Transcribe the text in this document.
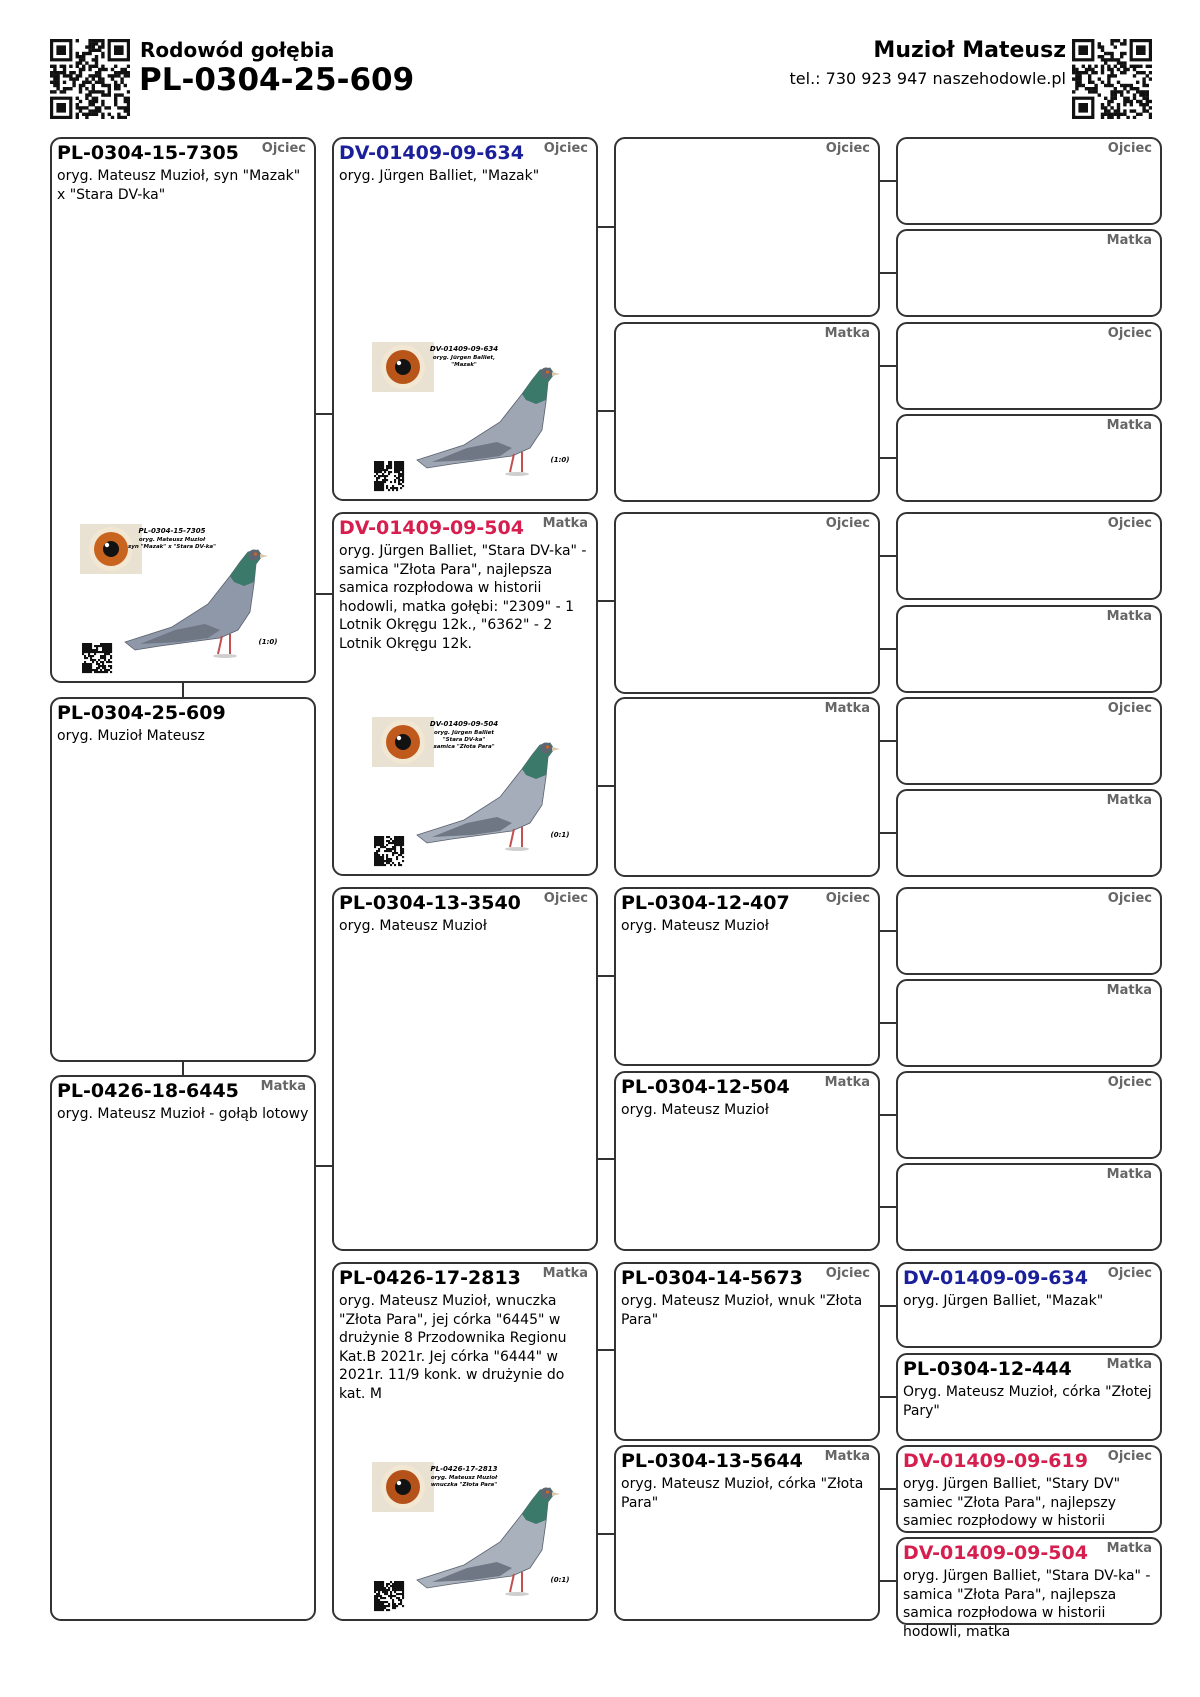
Rodowód gołębia
PL-0304-25-609
Muzioł Mateusz
tel.: 730 923 947 naszehodowle.pl
PL-0304-25-609
oryg. Muzioł Mateusz
PL-0304-15-7305 Ojciec
oryg. Mateusz Muzioł, syn "Mazak" x "Stara DV-ka"
PL-0304-15-7305
oryg. Mateusz Muzioł
syn "Mazak" x "Stara DV-ka"
(1:0)
PL-0426-18-6445 Matka
oryg. Mateusz Muzioł - gołąb lotowy
DV-01409-09-634 Ojciec
oryg. Jürgen Balliet, "Mazak"
DV-01409-09-634
oryg. Jürgen Balliet,
"Mazak"
(1:0)
DV-01409-09-504 Matka
oryg. Jürgen Balliet, "Stara DV-ka" - samica "Złota Para", najlepsza samica rozpłodowa w historii hodowli, matka gołębi: "2309" - 1 Lotnik Okręgu 12k., "6362" - 2 Lotnik Okręgu 12k.
DV-01409-09-504
oryg. Jürgen Balliet
"Stara DV-ka"
samica "Złota Para"
(0:1)
PL-0304-13-3540 Ojciec
oryg. Mateusz Muzioł
PL-0426-17-2813 Matka
oryg. Mateusz Muzioł, wnuczka "Złota Para", jej córka "6445" w drużynie 8 Przodownika Regionu Kat.B 2021r. Jej córka "6444" w 2021r. 11/9 konk. w drużynie do kat. M
PL-0426-17-2813
oryg. Mateusz Muzioł
wnuczka "Złota Para"
(0:1)
Ojciec
Matka
Ojciec
Matka
PL-0304-12-407	Ojciec
oryg. Mateusz Muzioł
PL-0304-12-504	Matka
oryg. Mateusz Muzioł
PL-0304-14-5673 Ojciec
oryg. Mateusz Muzioł, wnuk "Złota Para"
PL-0304-13-5644 Matka
oryg. Mateusz Muzioł, córka "Złota Para"
Ojciec
Matka
Ojciec
Matka
Ojciec
Matka
Ojciec
Matka
Ojciec
Matka
Ojciec
Matka
DV-01409-09-634 Ojciec
oryg. Jürgen Balliet, "Mazak"
PL-0304-12-444	Matka
Oryg. Mateusz Muzioł, córka "Złotej Pary"
DV-01409-09-619 Ojciec
oryg. Jürgen Balliet, "Stary DV" samiec "Złota Para", najlepszy samiec rozpłodowy w historii
DV-01409-09-504 Matka
oryg. Jürgen Balliet, "Stara DV-ka" - samica "Złota Para", najlepsza samica rozpłodowa w historii hodowli, matka
